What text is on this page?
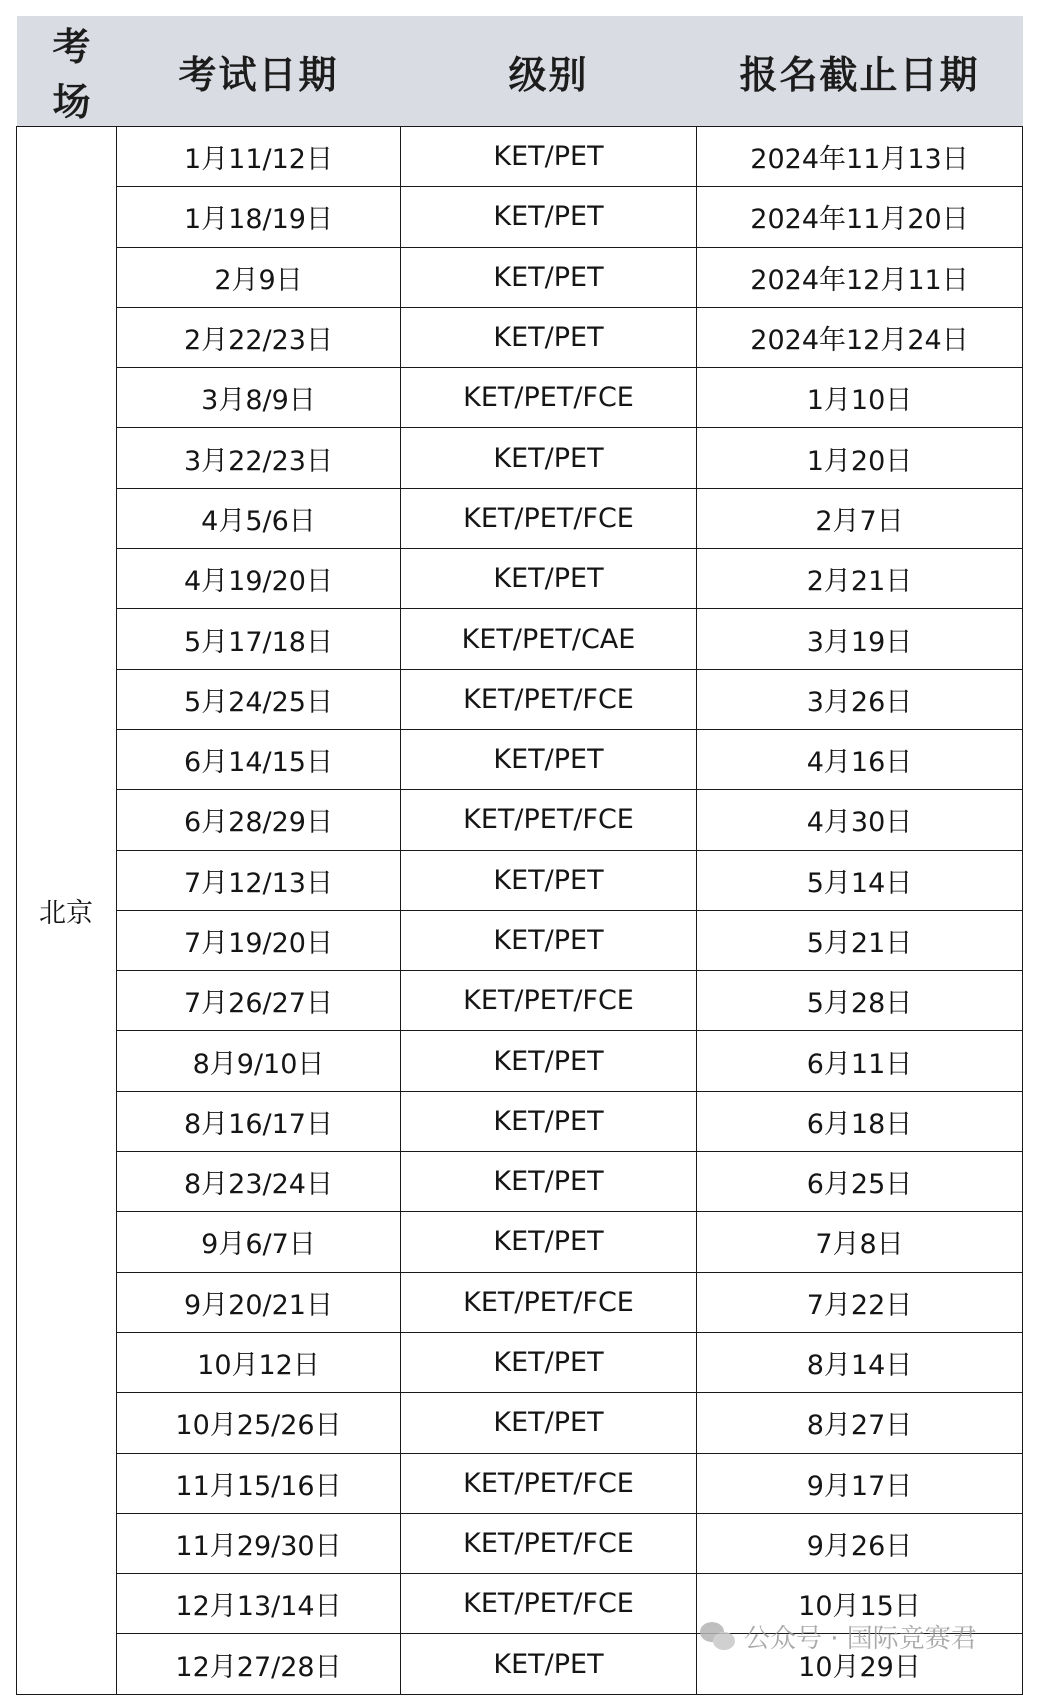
考场	考试日期	级别	报名截止日期
北京	1月11/12日	KET/PET	2024年11月13日
	1月18/19日	KET/PET	2024年11月20日
	2月9日	KET/PET	2024年12月11日
	2月22/23日	KET/PET	2024年12月24日
	3月8/9日	KET/PET/FCE	1月10日
	3月22/23日	KET/PET	1月20日
	4月5/6日	KET/PET/FCE	2月7日
	4月19/20日	KET/PET	2月21日
	5月17/18日	KET/PET/CAE	3月19日
	5月24/25日	KET/PET/FCE	3月26日
	6月14/15日	KET/PET	4月16日
	6月28/29日	KET/PET/FCE	4月30日
	7月12/13日	KET/PET	5月14日
	7月19/20日	KET/PET	5月21日
	7月26/27日	KET/PET/FCE	5月28日
	8月9/10日	KET/PET	6月11日
	8月16/17日	KET/PET	6月18日
	8月23/24日	KET/PET	6月25日
	9月6/7日	KET/PET	7月8日
	9月20/21日	KET/PET/FCE	7月22日
	10月12日	KET/PET	8月14日
	10月25/26日	KET/PET	8月27日
	11月15/16日	KET/PET/FCE	9月17日
	11月29/30日	KET/PET/FCE	9月26日
	12月13/14日	KET/PET/FCE	10月15日
	12月27/28日	KET/PET	10月29日
公众号 · 国际竞赛君
